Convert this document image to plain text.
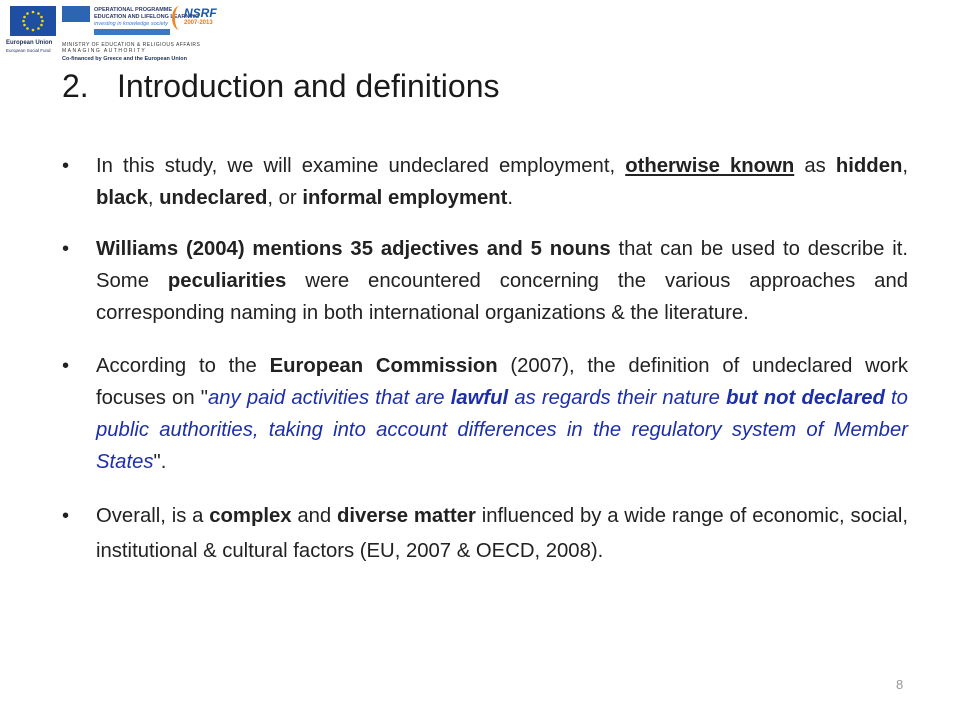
European Union
European Social Fund
OPERATIONAL PROGRAMME
EDUCATION AND LIFELONG LEARNING
investing in knowledge society
MINISTRY OF EDUCATION & RELIGIOUS AFFAIRS
MANAGING AUTHORITY
Co-financed by Greece and the European Union
NSRF
2007-2013
2. Introduction and definitions
• In this study, we will examine undeclared employment, otherwise known as hidden, black, undeclared, or informal employment.
• Williams (2004) mentions 35 adjectives and 5 nouns that can be used to describe it. Some peculiarities were encountered concerning the various approaches and corresponding naming in both international organizations & the literature.
• According to the European Commission (2007), the definition of undeclared work focuses on "any paid activities that are lawful as regards their nature but not declared to public authorities, taking into account differences in the regulatory system of Member States".
• Overall, is a complex and diverse matter influenced by a wide range of economic, social, institutional & cultural factors (EU, 2007 & OECD, 2008).
8
